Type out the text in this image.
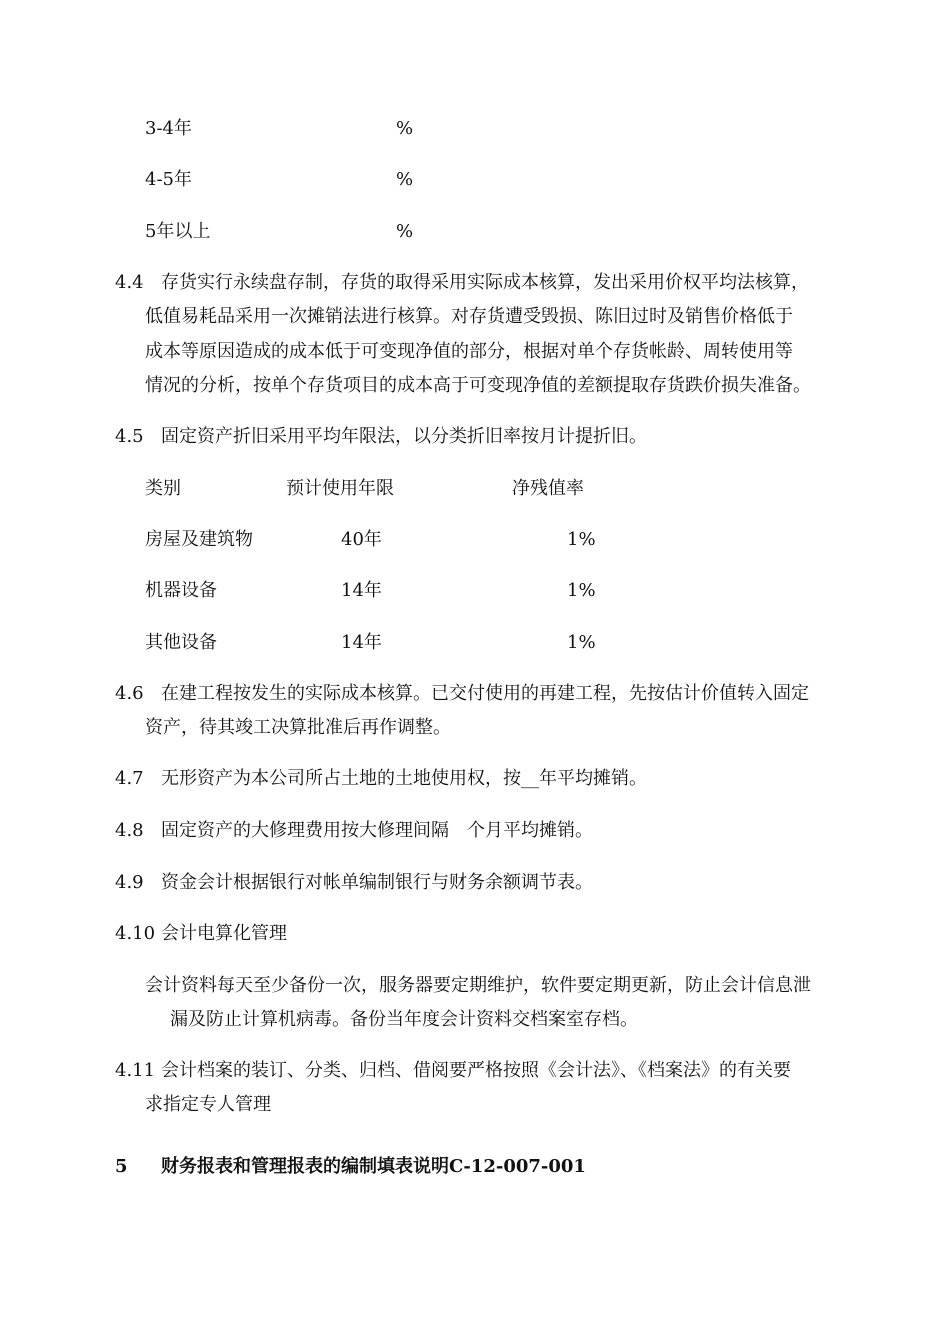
3-4年	%
4-5年	%
5年以上	%
4.4 存货实行永续盘存制，存货的取得采用实际成本核算，发出采用价权平均法核算，
低值易耗品采用一次摊销法进行核算。对存货遭受毁损、陈旧过时及销售价格低于
成本等原因造成的成本低于可变现净值的部分，根据对单个存货帐龄、周转使用等
情况的分析，按单个存货项目的成本高于可变现净值的差额提取存货跌价损失准备。
4.5 固定资产折旧采用平均年限法，以分类折旧率按月计提折旧。
类别	预计使用年限	净残值率
房屋及建筑物	40年	1%
机器设备	14年	1%
其他设备	14年	1%
4.6 在建工程按发生的实际成本核算。已交付使用的再建工程，先按估计价值转入固定
资产，待其竣工决算批准后再作调整。
4.7 无形资产为本公司所占土地的土地使用权，按__年平均摊销。
4.8 固定资产的大修理费用按大修理间隔　个月平均摊销。
4.9 资金会计根据银行对帐单编制银行与财务余额调节表。
4.10 会计电算化管理
会计资料每天至少备份一次，服务器要定期维护，软件要定期更新，防止会计信息泄
漏及防止计算机病毒。备份当年度会计资料交档案室存档。
4.11 会计档案的装订、分类、归档、借阅要严格按照《会计法》、《档案法》的有关要
求指定专人管理
5 财务报表和管理报表的编制填表说明C-12-007-001
